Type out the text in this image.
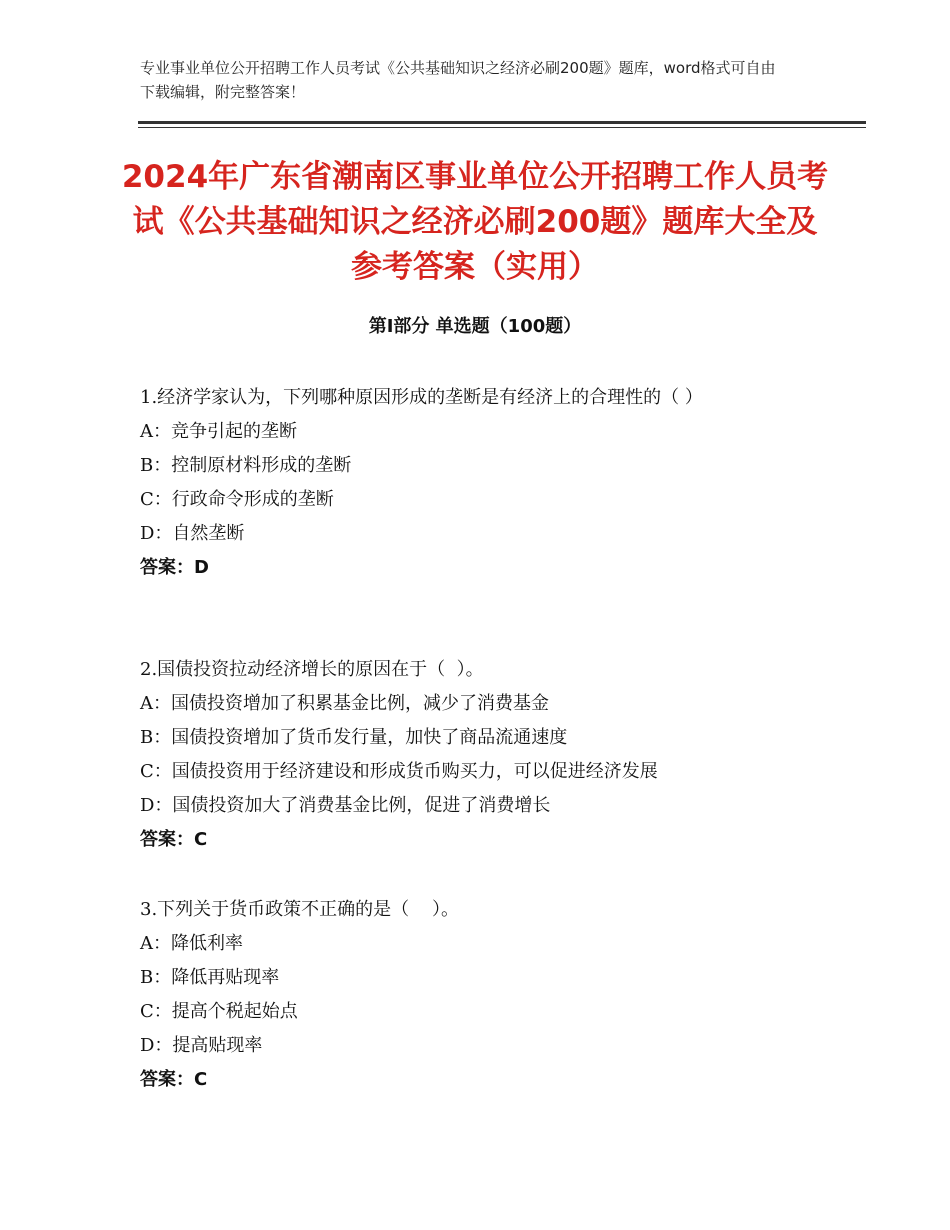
专业事业单位公开招聘工作人员考试《公共基础知识之经济必刷200题》题库，word格式可自由下载编辑，附完整答案！
2024年广东省潮南区事业单位公开招聘工作人员考试《公共基础知识之经济必刷200题》题库大全及参考答案（实用）
第Ⅰ部分 单选题（100题）
1.经济学家认为，下列哪种原因形成的垄断是有经济上的合理性的（ ）
A：竞争引起的垄断
B：控制原材料形成的垄断
C：行政命令形成的垄断
D：自然垄断
答案：D
2.国债投资拉动经济增长的原因在于（  ）。
A：国债投资增加了积累基金比例，减少了消费基金
B：国债投资增加了货币发行量，加快了商品流通速度
C：国债投资用于经济建设和形成货币购买力，可以促进经济发展
D：国债投资加大了消费基金比例，促进了消费增长
答案：C
3.下列关于货币政策不正确的是（    ）。
A：降低利率
B：降低再贴现率
C：提高个税起始点
D：提高贴现率
答案：C
